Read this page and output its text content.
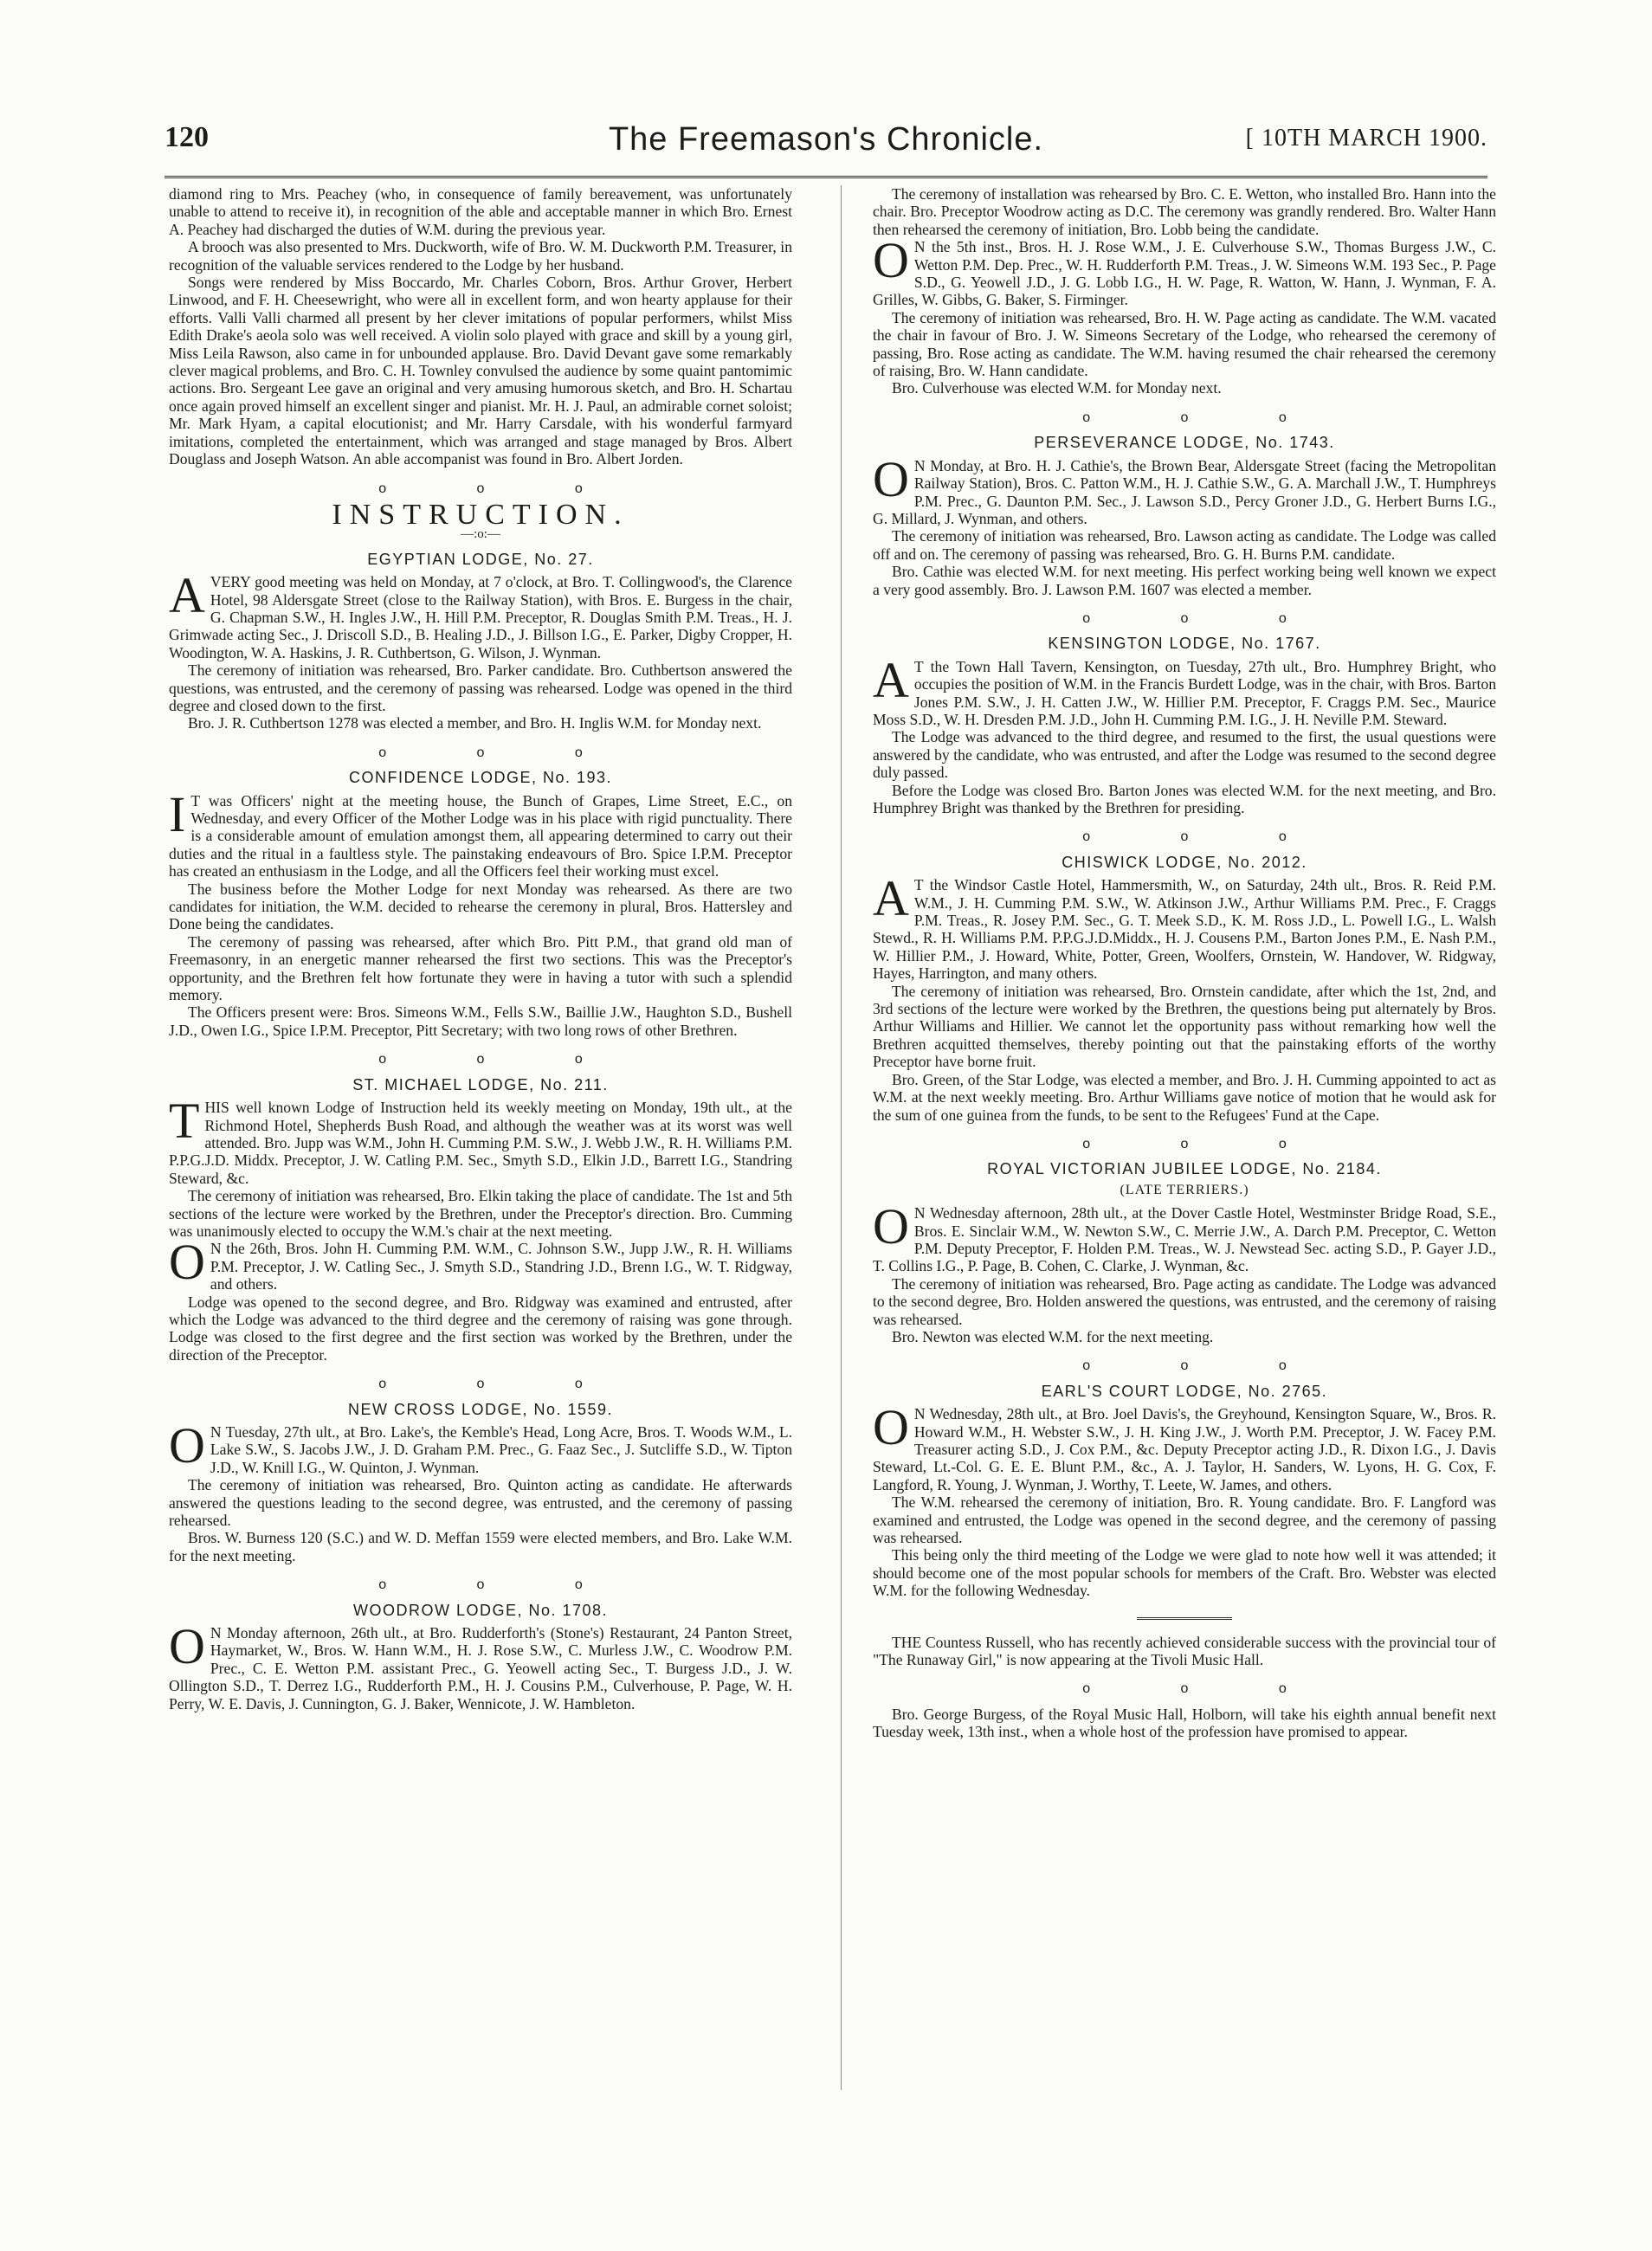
120	The Freemason's Chronicle.	[ 10TH MARCH 1900.

diamond ring to Mrs. Peachey (who, in consequence of family bereavement, was unfortunately unable to attend to receive it), in recognition of the able and acceptable manner in which Bro. Ernest A. Peachey had discharged the duties of W.M. during the previous year.

A brooch was also presented to Mrs. Duckworth, wife of Bro. W. M. Duckworth P.M. Treasurer, in recognition of the valuable services rendered to the Lodge by her husband.

Songs were rendered by Miss Boccardo, Mr. Charles Coborn, Bros. Arthur Grover, Herbert Linwood, and F. H. Cheesewright, who were all in excellent form, and won hearty applause for their efforts. Valli Valli charmed all present by her clever imitations of popular performers, whilst Miss Edith Drake's aeola solo was well received. A violin solo played with grace and skill by a young girl, Miss Leila Rawson, also came in for unbounded applause. Bro. David Devant gave some remarkably clever magical problems, and Bro. C. H. Townley convulsed the audience by some quaint pantomimic actions. Bro. Sergeant Lee gave an original and very amusing humorous sketch, and Bro. H. Schartau once again proved himself an excellent singer and pianist. Mr. H. J. Paul, an admirable cornet soloist; Mr. Mark Hyam, a capital elocutionist; and Mr. Harry Carsdale, with his wonderful farmyard imitations, completed the entertainment, which was arranged and stage managed by Bros. Albert Douglass and Joseph Watson. An able accompanist was found in Bro. Albert Jorden.

o o o
INSTRUCTION.
—:o:—
EGYPTIAN LODGE, No. 27.

AVERY good meeting was held on Monday, at 7 o'clock, at Bro. T. Collingwood's, the Clarence Hotel, 98 Aldersgate Street (close to the Railway Station), with Bros. E. Burgess in the chair, G. Chapman S.W., H. Ingles J.W., H. Hill P.M. Preceptor, R. Douglas Smith P.M. Treas., H. J. Grimwade acting Sec., J. Driscoll S.D., B. Healing J.D., J. Billson I.G., E. Parker, Digby Cropper, H. Woodington, W. A. Haskins, J. R. Cuthbertson, G. Wilson, J. Wynman.

The ceremony of initiation was rehearsed, Bro. Parker candidate. Bro. Cuthbertson answered the questions, was entrusted, and the ceremony of passing was rehearsed. Lodge was opened in the third degree and closed down to the first.

Bro. J. R. Cuthbertson 1278 was elected a member, and Bro. H. Inglis W.M. for Monday next.

o o o
CONFIDENCE LODGE, No. 193.

I T was Officers' night at the meeting house, the Bunch of Grapes, Lime Street, E.C., on Wednesday, and every Officer of the Mother Lodge was in his place with rigid punctuality. There is a considerable amount of emulation amongst them, all appearing determined to carry out their duties and the ritual in a faultless style. The painstaking endeavours of Bro. Spice I.P.M. Preceptor has created an enthusiasm in the Lodge, and all the Officers feel their working must excel.

The business before the Mother Lodge for next Monday was rehearsed. As there are two candidates for initiation, the W.M. decided to rehearse the ceremony in plural, Bros. Hattersley and Done being the candidates.

The ceremony of passing was rehearsed, after which Bro. Pitt P.M., that grand old man of Freemasonry, in an energetic manner rehearsed the first two sections. This was the Preceptor's opportunity, and the Brethren felt how fortunate they were in having a tutor with such a splendid memory.

The Officers present were: Bros. Simeons W.M., Fells S.W., Baillie J.W., Haughton S.D., Bushell J.D., Owen I.G., Spice I.P.M. Preceptor, Pitt Secretary; with two long rows of other Brethren.

o o o
ST. MICHAEL LODGE, No. 211.

THIS well known Lodge of Instruction held its weekly meeting on Monday, 19th ult., at the Richmond Hotel, Shepherds Bush Road, and although the weather was at its worst was well attended. Bro. Jupp was W.M., John H. Cumming P.M. S.W., J. Webb J.W., R. H. Williams P.M. P.P.G.J.D. Middx. Preceptor, J. W. Catling P.M. Sec., Smyth S.D., Elkin J.D., Barrett I.G., Standring Steward, &c.

The ceremony of initiation was rehearsed, Bro. Elkin taking the place of candidate. The 1st and 5th sections of the lecture were worked by the Brethren, under the Preceptor's direction. Bro. Cumming was unanimously elected to occupy the W.M.'s chair at the next meeting.

O N the 26th, Bros. John H. Cumming P.M. W.M., C. Johnson S.W., Jupp J.W., R. H. Williams P.M. Preceptor, J. W. Catling Sec., J. Smyth S.D., Standring J.D., Brenn I.G., W. T. Ridgway, and others.

Lodge was opened to the second degree, and Bro. Ridgway was examined and entrusted, after which the Lodge was advanced to the third degree and the ceremony of raising was gone through. Lodge was closed to the first degree and the first section was worked by the Brethren, under the direction of the Preceptor.

o o o
NEW CROSS LODGE, No. 1559.

O N Tuesday, 27th ult., at Bro. Lake's, the Kemble's Head, Long Acre, Bros. T. Woods W.M., L. Lake S.W., S. Jacobs J.W., J. D. Graham P.M. Prec., G. Faaz Sec., J. Sutcliffe S.D., W. Tipton J.D., W. Knill I.G., W. Quinton, J. Wynman.

The ceremony of initiation was rehearsed, Bro. Quinton acting as candidate. He afterwards answered the questions leading to the second degree, was entrusted, and the ceremony of passing rehearsed.

Bros. W. Burness 120 (S.C.) and W. D. Meffan 1559 were elected members, and Bro. Lake W.M. for the next meeting.

o o o
WOODROW LODGE, No. 1708.

O N Monday afternoon, 26th ult., at Bro. Rudderforth's (Stone's) Restaurant, 24 Panton Street, Haymarket, W., Bros. W. Hann W.M., H. J. Rose S.W., C. Murless J.W., C. Woodrow P.M. Prec., C. E. Wetton P.M. assistant Prec., G. Yeowell acting Sec., T. Burgess J.D., J. W. Ollington S.D., T. Derrez I.G., Rudderforth P.M., H. J. Cousins P.M., Culverhouse, P. Page, W. H. Perry, W. E. Davis, J. Cunnington, G. J. Baker, Wennicote, J. W. Hambleton.

The ceremony of installation was rehearsed by Bro. C. E. Wetton, who installed Bro. Hann into the chair. Bro. Preceptor Woodrow acting as D.C. The ceremony was grandly rendered. Bro. Walter Hann then rehearsed the ceremony of initiation, Bro. Lobb being the candidate.

O N the 5th inst., Bros. H. J. Rose W.M., J. E. Culverhouse S.W., Thomas Burgess J.W., C. Wetton P.M. Dep. Prec., W. H. Rudderforth P.M. Treas., J. W. Simeons W.M. 193 Sec., P. Page S.D., G. Yeowell J.D., J. G. Lobb I.G., H. W. Page, R. Watton, W. Hann, J. Wynman, F. A. Grilles, W. Gibbs, G. Baker, S. Firminger.

The ceremony of initiation was rehearsed, Bro. H. W. Page acting as candidate. The W.M. vacated the chair in favour of Bro. J. W. Simeons Secretary of the Lodge, who rehearsed the ceremony of passing, Bro. Rose acting as candidate. The W.M. having resumed the chair rehearsed the ceremony of raising, Bro. W. Hann candidate.

Bro. Culverhouse was elected W.M. for Monday next.

o o o
PERSEVERANCE LODGE, No. 1743.

O N Monday, at Bro. H. J. Cathie's, the Brown Bear, Aldersgate Street (facing the Metropolitan Railway Station), Bros. C. Patton W.M., H. J. Cathie S.W., G. A. Marchall J.W., T. Humphreys P.M. Prec., G. Daunton P.M. Sec., J. Lawson S.D., Percy Groner J.D., G. Herbert Burns I.G., G. Millard, J. Wynman, and others.

The ceremony of initiation was rehearsed, Bro. Lawson acting as candidate. The Lodge was called off and on. The ceremony of passing was rehearsed, Bro. G. H. Burns P.M. candidate.

Bro. Cathie was elected W.M. for next meeting. His perfect working being well known we expect a very good assembly. Bro. J. Lawson P.M. 1607 was elected a member.

o o o
KENSINGTON LODGE, No. 1767.

A T the Town Hall Tavern, Kensington, on Tuesday, 27th ult., Bro. Humphrey Bright, who occupies the position of W.M. in the Francis Burdett Lodge, was in the chair, with Bros. Barton Jones P.M. S.W., J. H. Catten J.W., W. Hillier P.M. Preceptor, F. Craggs P.M. Sec., Maurice Moss S.D., W. H. Dresden P.M. J.D., John H. Cumming P.M. I.G., J. H. Neville P.M. Steward.

The Lodge was advanced to the third degree, and resumed to the first, the usual questions were answered by the candidate, who was entrusted, and after the Lodge was resumed to the second degree duly passed.

Before the Lodge was closed Bro. Barton Jones was elected W.M. for the next meeting, and Bro. Humphrey Bright was thanked by the Brethren for presiding.

o o o
CHISWICK LODGE, No. 2012.

A T the Windsor Castle Hotel, Hammersmith, W., on Saturday, 24th ult., Bros. R. Reid P.M. W.M., J. H. Cumming P.M. S.W., W. Atkinson J.W., Arthur Williams P.M. Prec., F. Craggs P.M. Treas., R. Josey P.M. Sec., G. T. Meek S.D., K. M. Ross J.D., L. Powell I.G., L. Walsh Stewd., R. H. Williams P.M. P.P.G.J.D.Middx., H. J. Cousens P.M., Barton Jones P.M., E. Nash P.M., W. Hillier P.M., J. Howard, White, Potter, Green, Woolfers, Ornstein, W. Handover, W. Ridgway, Hayes, Harrington, and many others.

The ceremony of initiation was rehearsed, Bro. Ornstein candidate, after which the 1st, 2nd, and 3rd sections of the lecture were worked by the Brethren, the questions being put alternately by Bros. Arthur Williams and Hillier. We cannot let the opportunity pass without remarking how well the Brethren acquitted themselves, thereby pointing out that the painstaking efforts of the worthy Preceptor have borne fruit.

Bro. Green, of the Star Lodge, was elected a member, and Bro. J. H. Cumming appointed to act as W.M. at the next weekly meeting. Bro. Arthur Williams gave notice of motion that he would ask for the sum of one guinea from the funds, to be sent to the Refugees' Fund at the Cape.

o o o
ROYAL VICTORIAN JUBILEE LODGE, No. 2184.
(LATE TERRIERS.)

O N Wednesday afternoon, 28th ult., at the Dover Castle Hotel, Westminster Bridge Road, S.E., Bros. E. Sinclair W.M., W. Newton S.W., C. Merrie J.W., A. Darch P.M. Preceptor, C. Wetton P.M. Deputy Preceptor, F. Holden P.M. Treas., W. J. Newstead Sec. acting S.D., P. Gayer J.D., T. Collins I.G., P. Page, B. Cohen, C. Clarke, J. Wynman, &c.

The ceremony of initiation was rehearsed, Bro. Page acting as candidate. The Lodge was advanced to the second degree, Bro. Holden answered the questions, was entrusted, and the ceremony of raising was rehearsed.

Bro. Newton was elected W.M. for the next meeting.

o o o
EARL'S COURT LODGE, No. 2765.

O N Wednesday, 28th ult., at Bro. Joel Davis's, the Greyhound, Kensington Square, W., Bros. R. Howard W.M., H. Webster S.W., J. H. King J.W., J. Worth P.M. Preceptor, J. W. Facey P.M. Treasurer acting S.D., J. Cox P.M., &c. Deputy Preceptor acting J.D., R. Dixon I.G., J. Davis Steward, Lt.-Col. G. E. E. Blunt P.M., &c., A. J. Taylor, H. Sanders, W. Lyons, H. G. Cox, F. Langford, R. Young, J. Wynman, J. Worthy, T. Leete, W. James, and others.

The W.M. rehearsed the ceremony of initiation, Bro. R. Young candidate. Bro. F. Langford was examined and entrusted, the Lodge was opened in the second degree, and the ceremony of passing was rehearsed.

This being only the third meeting of the Lodge we were glad to note how well it was attended; it should become one of the most popular schools for members of the Craft. Bro. Webster was elected W.M. for the following Wednesday.

THE Countess Russell, who has recently achieved considerable success with the provincial tour of "The Runaway Girl," is now appearing at the Tivoli Music Hall.

o o o

Bro. George Burgess, of the Royal Music Hall, Holborn, will take his eighth annual benefit next Tuesday week, 13th inst., when a whole host of the profession have promised to appear.
